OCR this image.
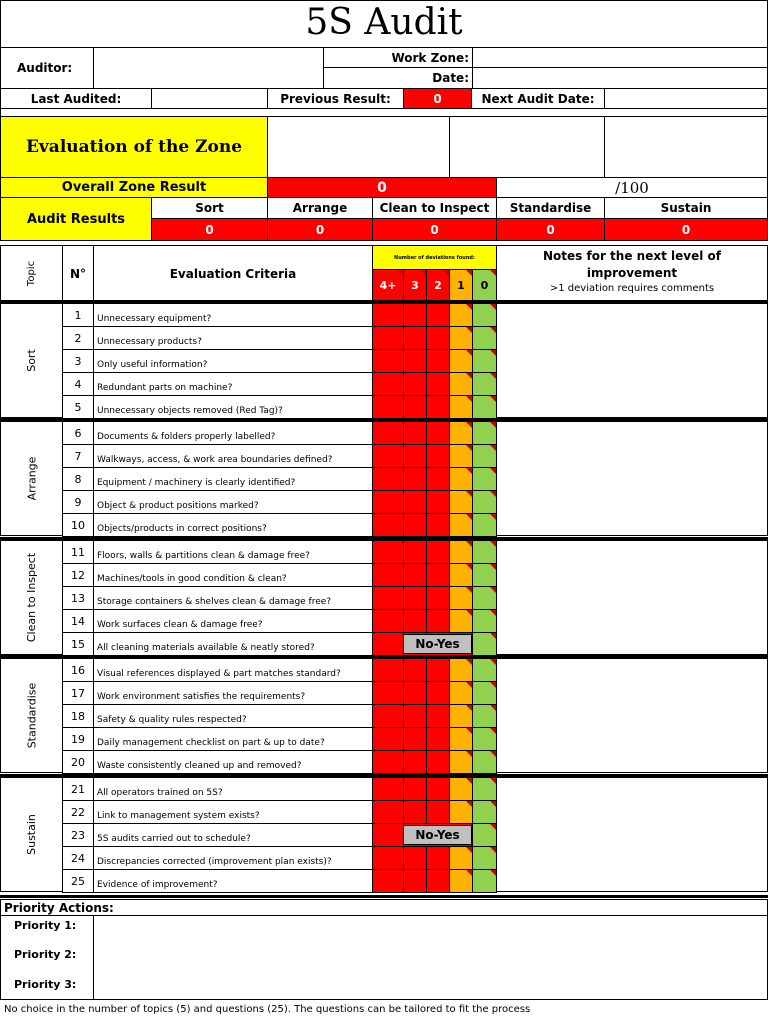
5S Audit
Auditor:
Work Zone:
Date:
Last Audited:	Previous Result:	0	Next Audit Date:
Evaluation of the Zone
Overall Zone Result	0	/100
Audit Results
Sort	Arrange	Clean to Inspect	Standardise	Sustain
0	0	0	0	0
Topic	N°	Evaluation Criteria
Number of deviations found:
4+	3	2	1	0
Notes for the next level of improvement
>1 deviation requires comments
Sort
1	Unnecessary equipment?
2	Unnecessary products?
3	Only useful information?
4	Redundant parts on machine?
5	Unnecessary objects removed (Red Tag)?
Arrange
6	Documents & folders properly labelled?
7	Walkways, access, & work area boundaries defined?
8	Equipment / machinery is clearly identified?
9	Object & product positions marked?
10	Objects/products in correct positions?
Clean to Inspect
11	Floors, walls & partitions clean & damage free?
12	Machines/tools in good condition & clean?
13	Storage containers & shelves clean & damage free?
14	Work surfaces clean & damage free?
15	All cleaning materials available & neatly stored?	No-Yes
Standardise
16	Visual references displayed & part matches standard?
17	Work environment satisfies the requirements?
18	Safety & quality rules respected?
19	Daily management checklist on part & up to date?
20	Waste consistently cleaned up and removed?
Sustain
21	All operators trained on 5S?
22	Link to management system exists?
23	5S audits carried out to schedule?	No-Yes
24	Discrepancies corrected (improvement plan exists)?
25	Evidence of improvement?
Priority Actions:
Priority 1:
Priority 2:
Priority 3:
No choice in the number of topics (5) and questions (25). The questions can be tailored to fit the process
